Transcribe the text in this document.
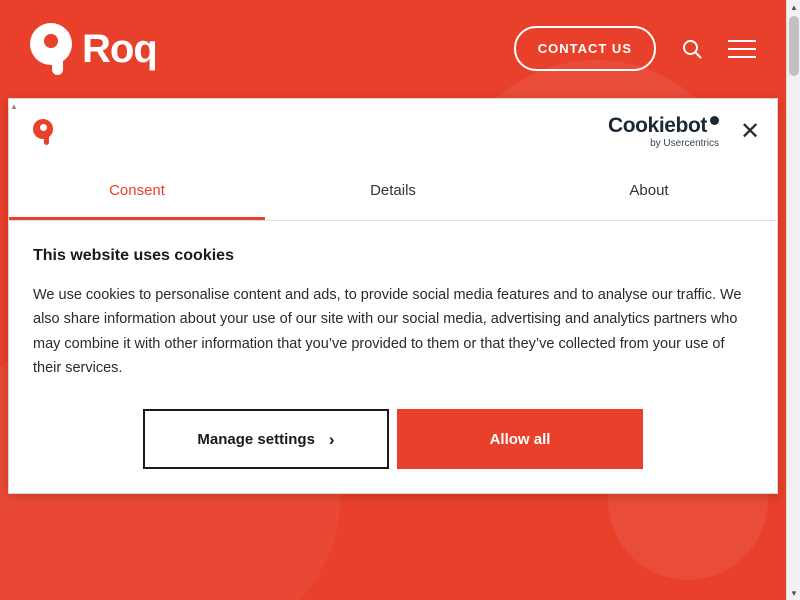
Roq	CONTACT US
▲
Cookiebot
by Usercentrics ✕
Consent	Details	About
This website uses cookies
We use cookies to personalise content and ads, to provide social media features and to analyse our traffic. We also share information about your use of our site with our social media, advertising and analytics partners who may combine it with other information that you’ve provided to them or that they’ve collected from your use of their services.
Manage settings ›	Allow all
▲
▼
